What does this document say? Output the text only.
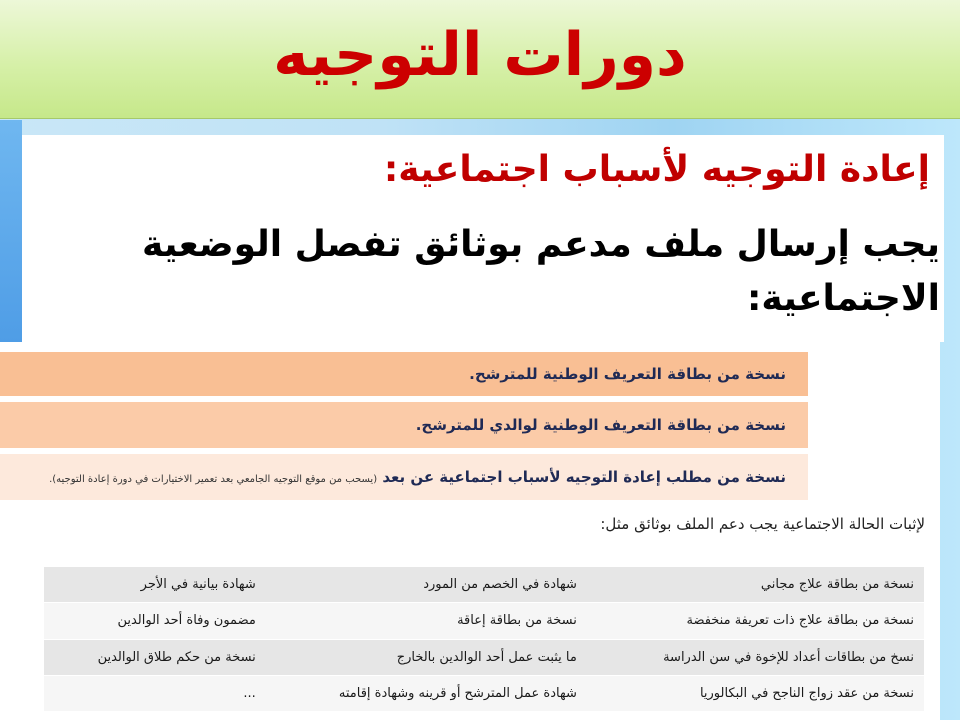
دورات التوجيه
إعادة التوجيه لأسباب اجتماعية:
يجب إرسال ملف مدعم بوثائق تفصل الوضعية الاجتماعية:
نسخة من بطاقة التعريف الوطنية للمترشح.
نسخة من بطاقة التعريف الوطنية لوالدي للمترشح.
نسخة من مطلب إعادة التوجيه لأسباب اجتماعية عن بعد (يسحب من موقع التوجيه الجامعي بعد تعمير الاختيارات في دورة إعادة التوجيه).
لإثبات الحالة الاجتماعية يجب دعم الملف بوثائق مثل:
نسخة من بطاقة علاج مجاني	شهادة في الخصم من المورد	شهادة بيانية في الأجر
نسخة من بطاقة علاج ذات تعريفة منخفضة	نسخة من بطاقة إعاقة	مضمون وفاة أحد الوالدين
نسخ من بطاقات أعداد للإخوة في سن الدراسة	ما يثبت عمل أحد الوالدين بالخارج	نسخة من حكم طلاق الوالدين
نسخة من عقد زواج الناجح في البكالوريا	شهادة عمل المترشح أو قرينه وشهادة إقامته	...
